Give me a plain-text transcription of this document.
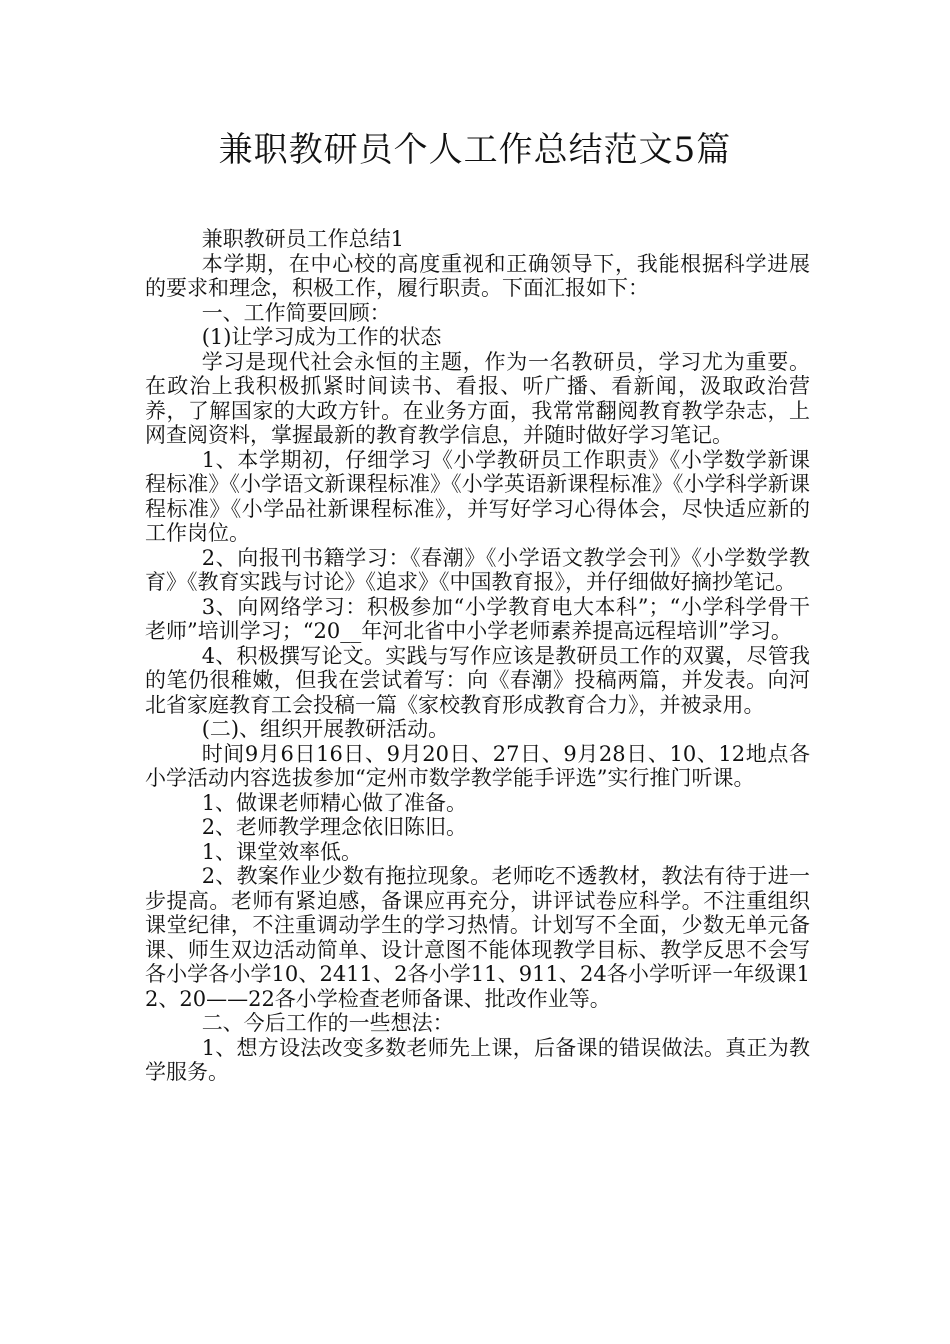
兼职教研员个人工作总结范文5篇

兼职教研员工作总结1

本学期，在中心校的高度重视和正确领导下，我能根据科学进展的要求和理念，积极工作，履行职责。下面汇报如下：

一、工作简要回顾：

(1)让学习成为工作的状态

学习是现代社会永恒的主题，作为一名教研员，学习尤为重要。在政治上我积极抓紧时间读书、看报、听广播、看新闻，汲取政治营养，了解国家的大政方针。在业务方面，我常常翻阅教育教学杂志，上网查阅资料，掌握最新的教育教学信息，并随时做好学习笔记。

1、本学期初，仔细学习《小学教研员工作职责》《小学数学新课程标准》《小学语文新课程标准》《小学英语新课程标准》《小学科学新课程标准》《小学品社新课程标准》，并写好学习心得体会，尽快适应新的工作岗位。

2、向报刊书籍学习：《春潮》《小学语文教学会刊》《小学数学教育》《教育实践与讨论》《追求》《中国教育报》，并仔细做好摘抄笔记。

3、向网络学习：积极参加“小学教育电大本科”；“小学科学骨干老师”培训学习；“20__年河北省中小学老师素养提高远程培训”学习。

4、积极撰写论文。实践与写作应该是教研员工作的双翼，尽管我的笔仍很稚嫩，但我在尝试着写：向《春潮》投稿两篇，并发表。向河北省家庭教育工会投稿一篇《家校教育形成教育合力》，并被录用。

(二)、组织开展教研活动。

时间9月6日16日、9月20日、27日、9月28日、10、12地点各小学活动内容选拔参加“定州市数学教学能手评选”实行推门听课。

1、做课老师精心做了准备。

2、老师教学理念依旧陈旧。

1、课堂效率低。

2、教案作业少数有拖拉现象。老师吃不透教材，教法有待于进一步提高。老师有紧迫感，备课应再充分，讲评试卷应科学。不注重组织课堂纪律，不注重调动学生的学习热情。计划写不全面，少数无单元备课、师生双边活动简单、设计意图不能体现教学目标、教学反思不会写各小学各小学10、2411、2各小学11、911、24各小学听评一年级课12、20——22各小学检查老师备课、批改作业等。

二、今后工作的一些想法：

1、想方设法改变多数老师先上课，后备课的错误做法。真正为教学服务。
